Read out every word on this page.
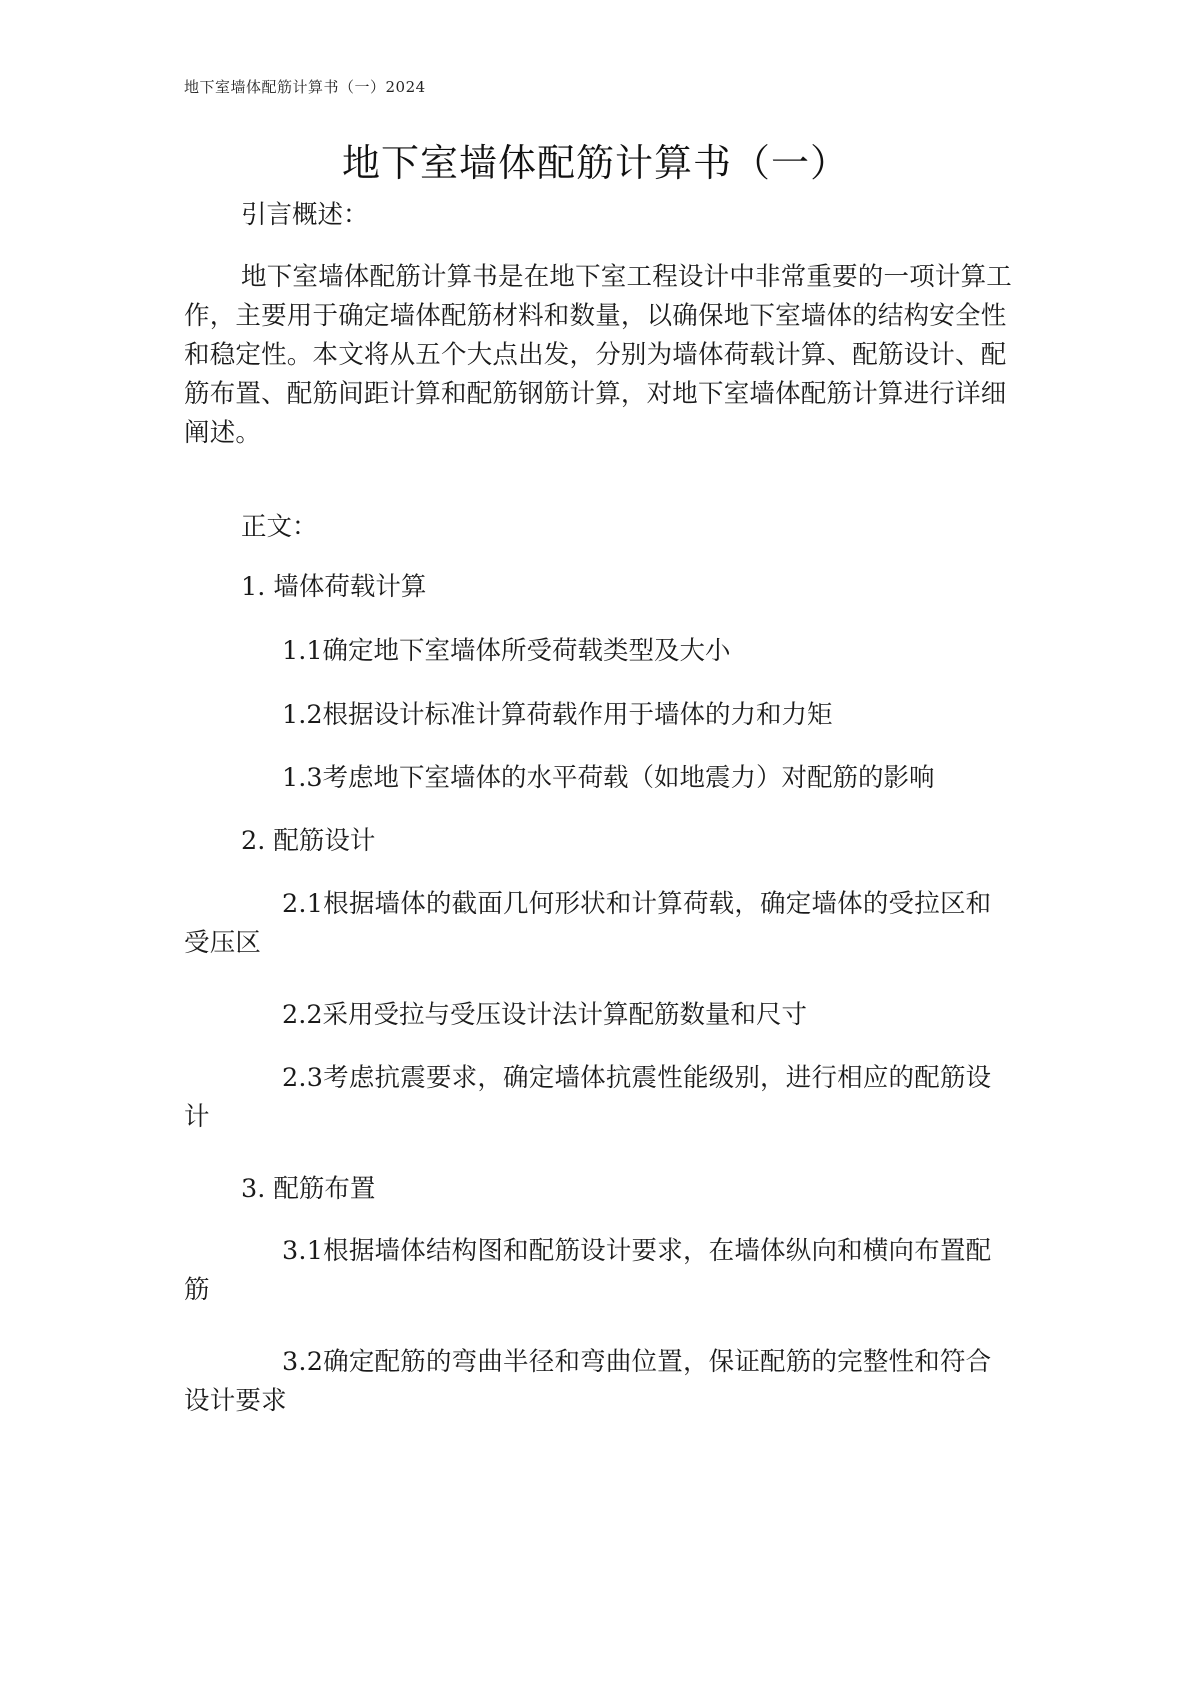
地下室墙体配筋计算书（一）2024
地下室墙体配筋计算书（一）
引言概述：
地下室墙体配筋计算书是在地下室工程设计中非常重要的一项计算工作，主要用于确定墙体配筋材料和数量，以确保地下室墙体的结构安全性和稳定性。本文将从五个大点出发，分别为墙体荷载计算、配筋设计、配筋布置、配筋间距计算和配筋钢筋计算，对地下室墙体配筋计算进行详细阐述。
正文：
1. 墙体荷载计算
1.1确定地下室墙体所受荷载类型及大小
1.2根据设计标准计算荷载作用于墙体的力和力矩
1.3考虑地下室墙体的水平荷载（如地震力）对配筋的影响
2. 配筋设计
2.1根据墙体的截面几何形状和计算荷载，确定墙体的受拉区和受压区
2.2采用受拉与受压设计法计算配筋数量和尺寸
2.3考虑抗震要求，确定墙体抗震性能级别，进行相应的配筋设计
3. 配筋布置
3.1根据墙体结构图和配筋设计要求，在墙体纵向和横向布置配筋
3.2确定配筋的弯曲半径和弯曲位置，保证配筋的完整性和符合设计要求
